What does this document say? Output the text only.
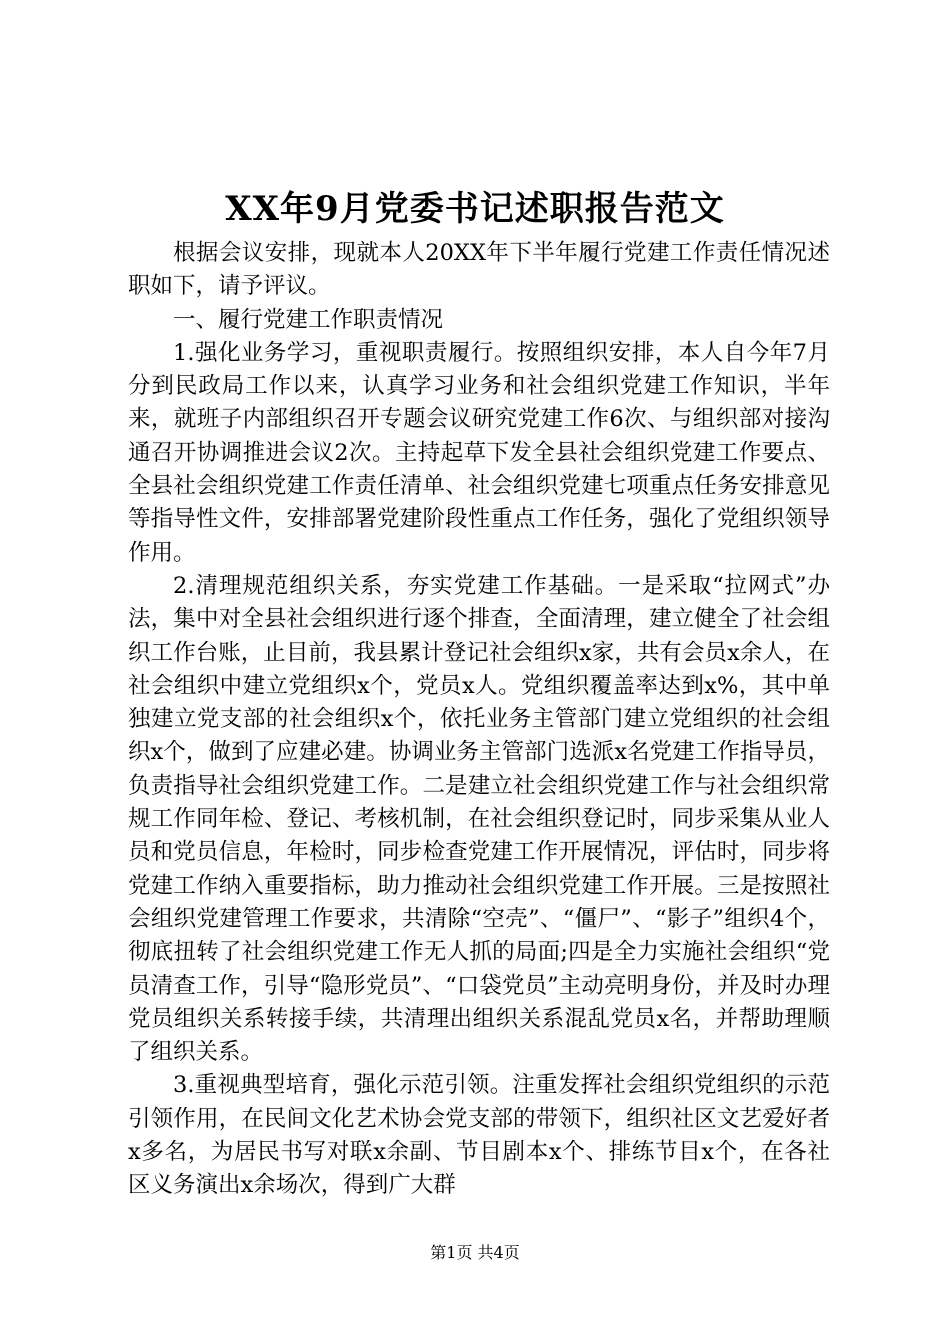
XX年9月党委书记述职报告范文

根据会议安排，现就本人20XX年下半年履行党建工作责任情况述职如下，请予评议。

一、履行党建工作职责情况

1.强化业务学习，重视职责履行。按照组织安排，本人自今年7月分到民政局工作以来，认真学习业务和社会组织党建工作知识，半年来，就班子内部组织召开专题会议研究党建工作6次、与组织部对接沟通召开协调推进会议2次。主持起草下发全县社会组织党建工作要点、全县社会组织党建工作责任清单、社会组织党建七项重点任务安排意见等指导性文件，安排部署党建阶段性重点工作任务，强化了党组织领导作用。

2.清理规范组织关系，夯实党建工作基础。一是采取“拉网式”办法，集中对全县社会组织进行逐个排查，全面清理，建立健全了社会组织工作台账，止目前，我县累计登记社会组织x家，共有会员x余人，在社会组织中建立党组织x个，党员x人。党组织覆盖率达到x%，其中单独建立党支部的社会组织x个，依托业务主管部门建立党组织的社会组织x个，做到了应建必建。协调业务主管部门选派x名党建工作指导员，负责指导社会组织党建工作。二是建立社会组织党建工作与社会组织常规工作同年检、登记、考核机制，在社会组织登记时，同步采集从业人员和党员信息，年检时，同步检查党建工作开展情况，评估时，同步将党建工作纳入重要指标，助力推动社会组织党建工作开展。三是按照社会组织党建管理工作要求，共清除“空壳”、“僵尸”、“影子”组织4个，彻底扭转了社会组织党建工作无人抓的局面;四是全力实施社会组织“党员清查工作，引导“隐形党员”、“口袋党员”主动亮明身份，并及时办理党员组织关系转接手续，共清理出组织关系混乱党员x名，并帮助理顺了组织关系。

3.重视典型培育，强化示范引领。注重发挥社会组织党组织的示范引领作用，在民间文化艺术协会党支部的带领下，组织社区文艺爱好者x多名，为居民书写对联x余副、节目剧本x个、排练节目x个，在各社区义务演出x余场次，得到广大群

第1页 共4页
